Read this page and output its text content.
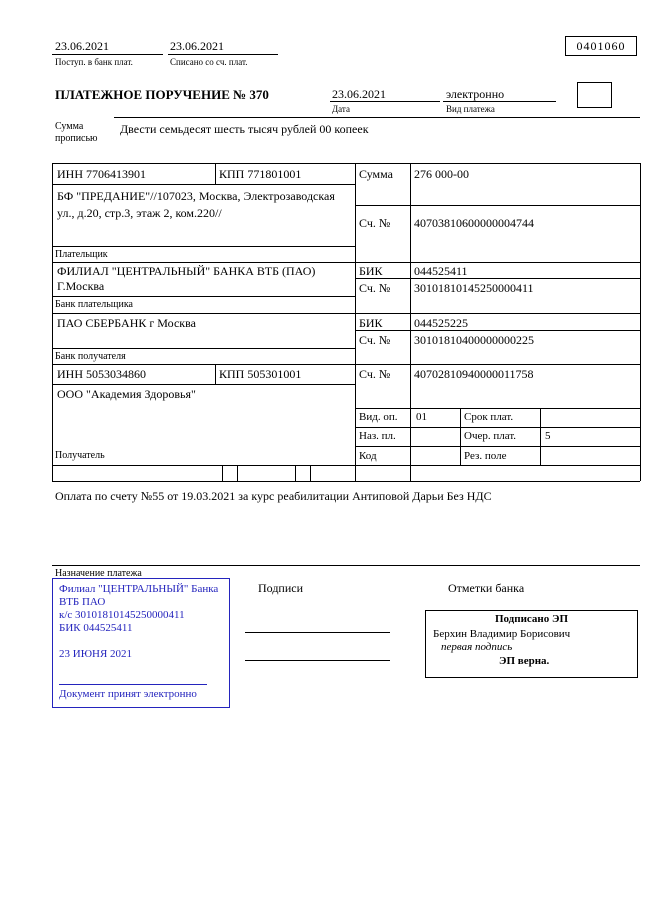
23.06.2021
Поступ. в банк плат.
23.06.2021
Списано со сч. плат.
0401060
ПЛАТЕЖНОЕ ПОРУЧЕНИЕ № 370	23.06.2021
Дата
электронно
Вид платежа
Сумма прописью
Двести семьдесят шесть тысяч рублей 00 копеек
ИНН 7706413901	КПП 771801001	Сумма 276 000-00
БФ "ПРЕДАНИЕ"//107023, Москва, Электрозаводская ул., д.20, стр.3, этаж 2, ком.220//
Сч. № 40703810600000004744
Плательщик
ФИЛИАЛ "ЦЕНТРАЛЬНЫЙ" БАНКА ВТБ (ПАО) Г.Москва
БИК	044525411
Сч. № 30101810145250000411
Банк плательщика
ПАО СБЕРБАНК г Москва	БИК	044525225
Сч. № 30101810400000000225
Банк получателя
ИНН 5053034860	КПП 505301001	Сч. № 40702810940000011758
ООО "Академия Здоровья"
Вид. оп. 01	Срок плат.
Наз. пл.	Очер. плат.	5
Получатель	Код	Рез. поле
Оплата по счету №55 от 19.03.2021 за курс реабилитации Антиповой Дарьи Без НДС
Назначение платежа
Филиал "ЦЕНТРАЛЬНЫЙ" Банка
ВТБ ПАО
к/с 30101810145250000411
БИК 044525411
23 ИЮНЯ 2021
Документ принят электронно
Подписи	Отметки банка
Подписано ЭП
Берхин Владимир Борисович
первая подпись
ЭП верна.
